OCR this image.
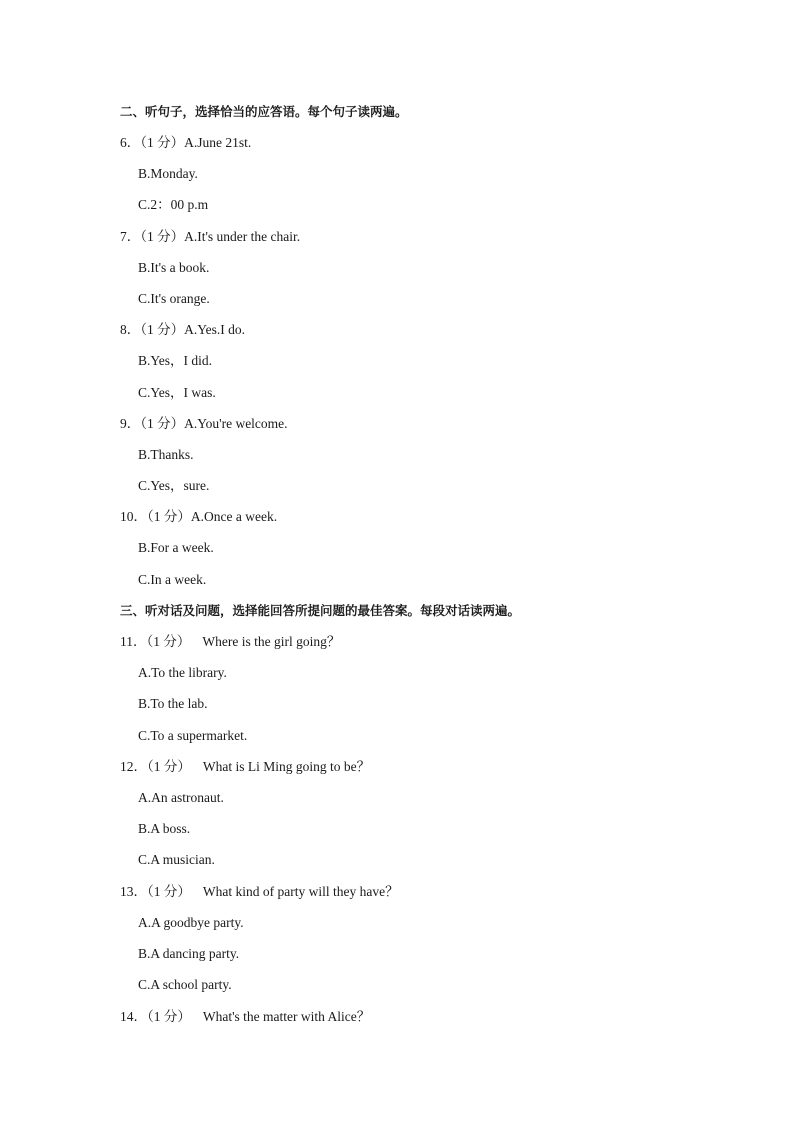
二、听句子，选择恰当的应答语。每个句子读两遍。
6．（1 分）A.June 21st.
B.Monday.
C.2：00 p.m
7．（1 分）A.It's under the chair.
B.It's a book.
C.It's orange.
8．（1 分）A.Yes.I do.
B.Yes，I did.
C.Yes，I was.
9．（1 分）A.You're welcome.
B.Thanks.
C.Yes，sure.
10．（1 分）A.Once a week.
B.For a week.
C.In a week.
三、听对话及问题，选择能回答所提问题的最佳答案。每段对话读两遍。
11．（1 分） Where is the girl going？
A.To the library.
B.To the lab.
C.To a supermarket.
12．（1 分） What is Li Ming going to be？
A.An astronaut.
B.A boss.
C.A musician.
13．（1 分） What kind of party will they have？
A.A goodbye party.
B.A dancing party.
C.A school party.
14．（1 分） What's the matter with Alice？
